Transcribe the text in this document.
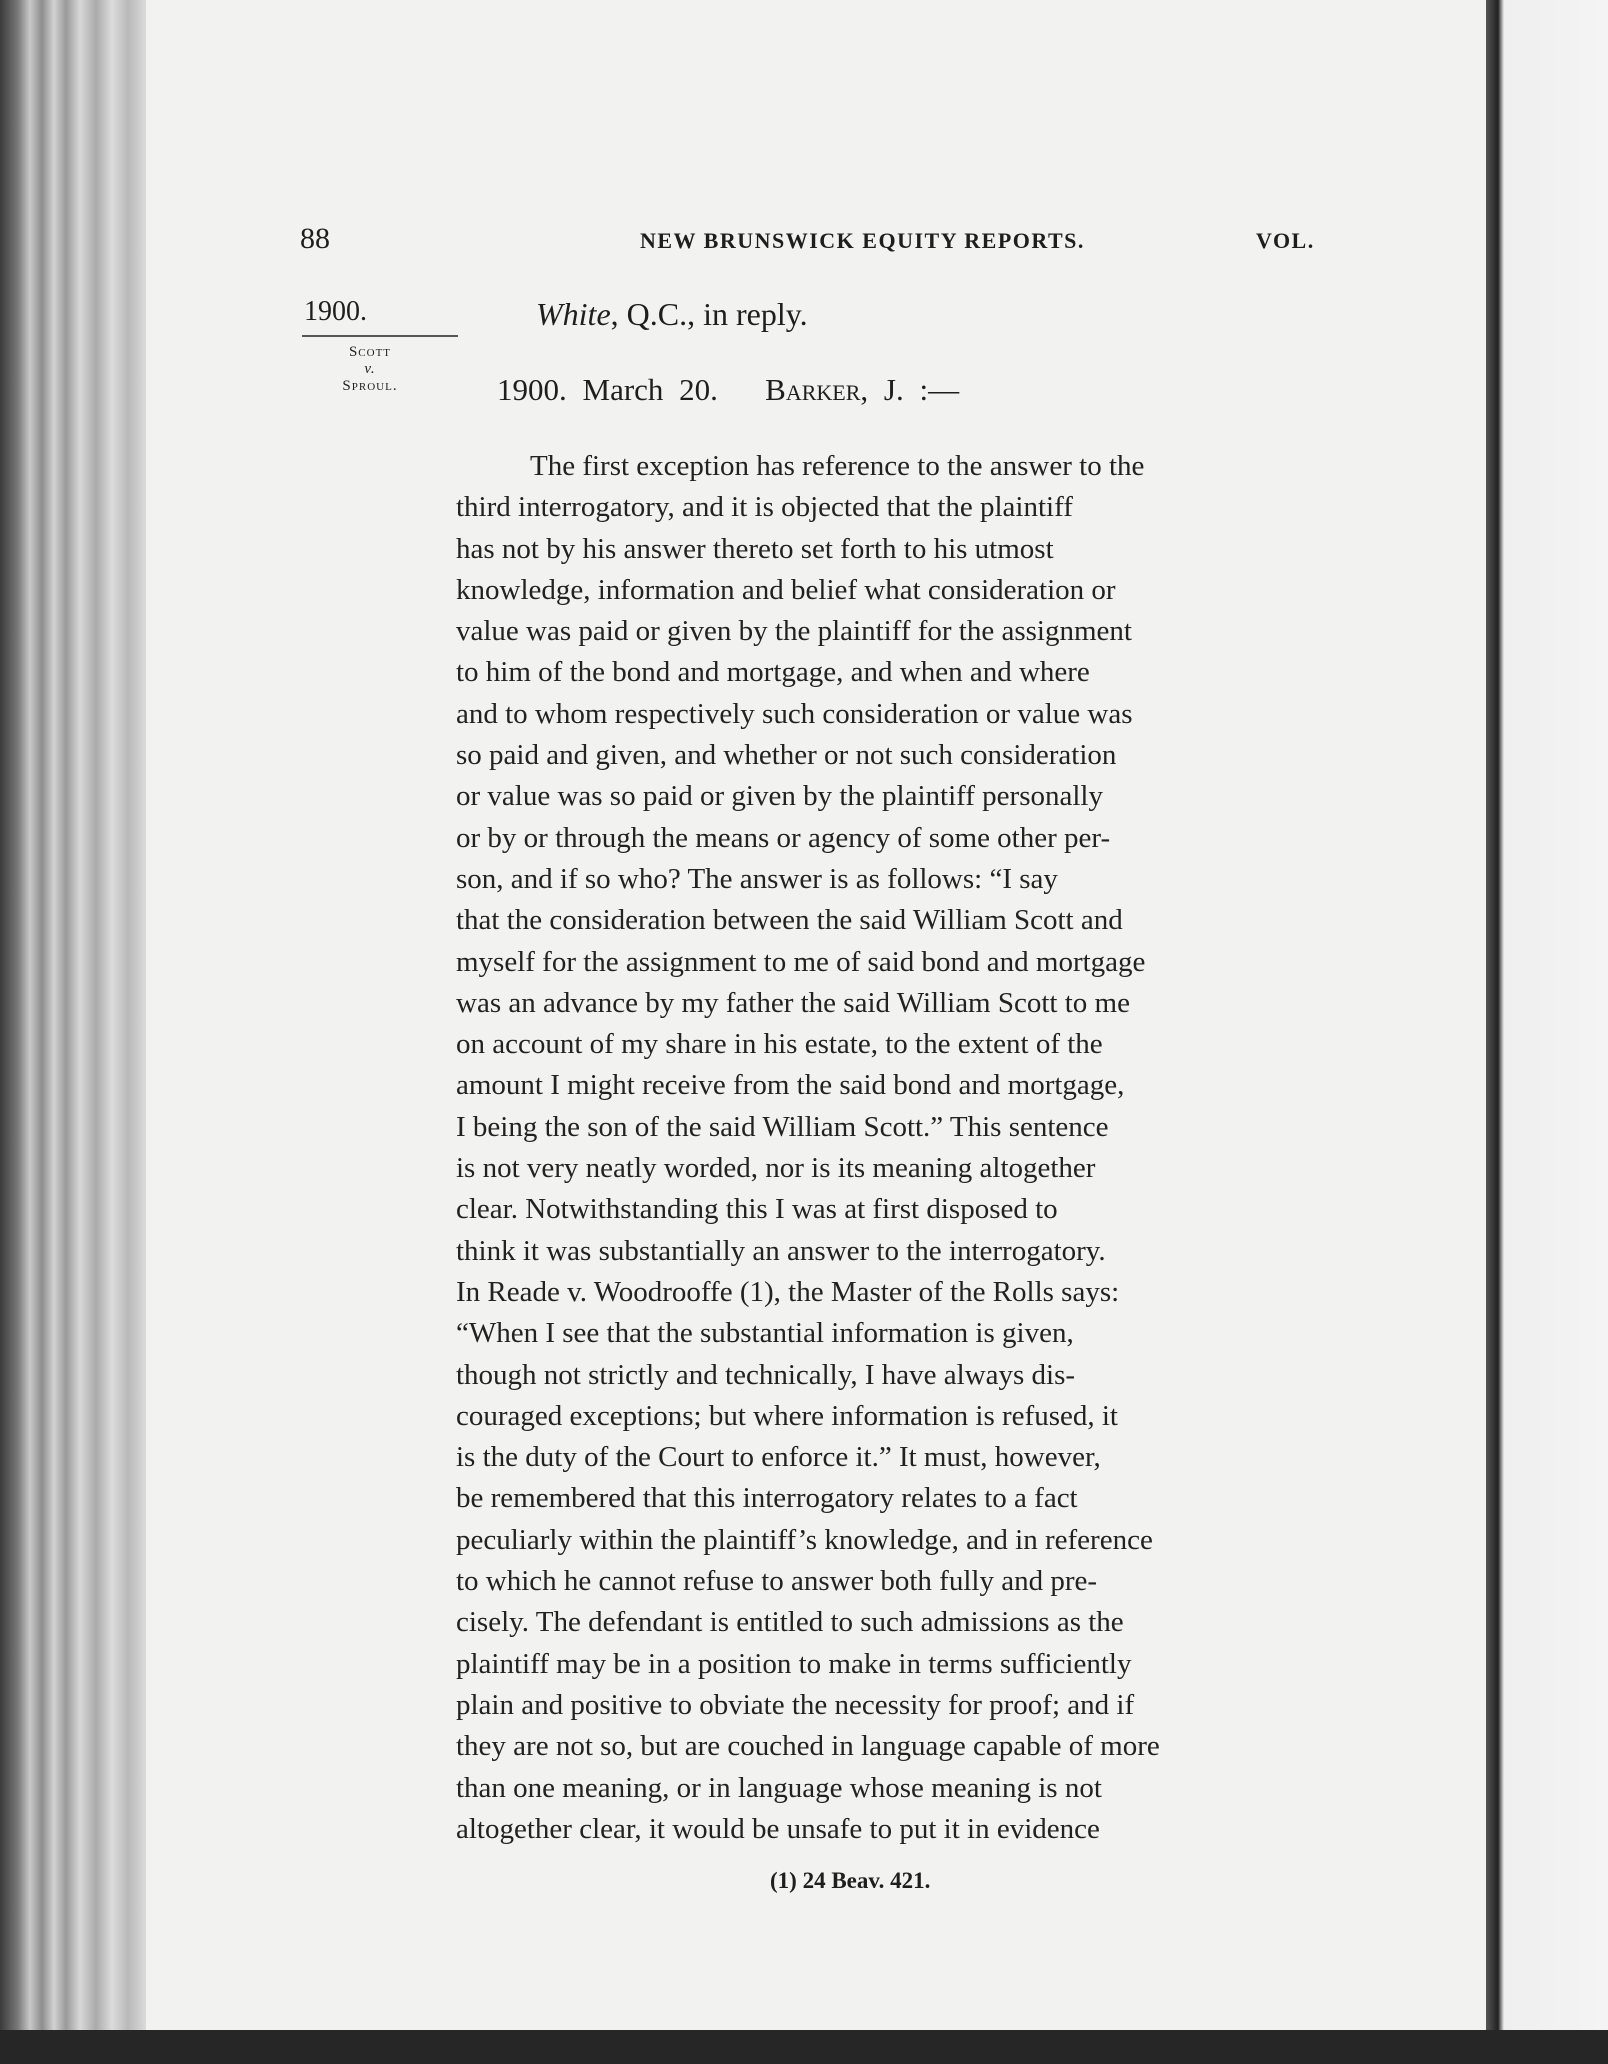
88	NEW BRUNSWICK EQUITY REPORTS.	VOL.
1900.
Scott
v.
Sproul.
White, Q.C., in reply.
1900. March 20. Barker, J. :—
The first exception has reference to the answer to the
third interrogatory, and it is objected that the plaintiff
has not by his answer thereto set forth to his utmost
knowledge, information and belief what consideration or
value was paid or given by the plaintiff for the assignment
to him of the bond and mortgage, and when and where
and to whom respectively such consideration or value was
so paid and given, and whether or not such consideration
or value was so paid or given by the plaintiff personally
or by or through the means or agency of some other per-
son, and if so who? The answer is as follows: “I say
that the consideration between the said William Scott and
myself for the assignment to me of said bond and mortgage
was an advance by my father the said William Scott to me
on account of my share in his estate, to the extent of the
amount I might receive from the said bond and mortgage,
I being the son of the said William Scott.” This sentence
is not very neatly worded, nor is its meaning altogether
clear. Notwithstanding this I was at first disposed to
think it was substantially an answer to the interrogatory.
In Reade v. Woodrooffe (1), the Master of the Rolls says:
“When I see that the substantial information is given,
though not strictly and technically, I have always dis-
couraged exceptions; but where information is refused, it
is the duty of the Court to enforce it.” It must, however,
be remembered that this interrogatory relates to a fact
peculiarly within the plaintiff’s knowledge, and in reference
to which he cannot refuse to answer both fully and pre-
cisely. The defendant is entitled to such admissions as the
plaintiff may be in a position to make in terms sufficiently
plain and positive to obviate the necessity for proof; and if
they are not so, but are couched in language capable of more
than one meaning, or in language whose meaning is not
altogether clear, it would be unsafe to put it in evidence
(1) 24 Beav. 421.
